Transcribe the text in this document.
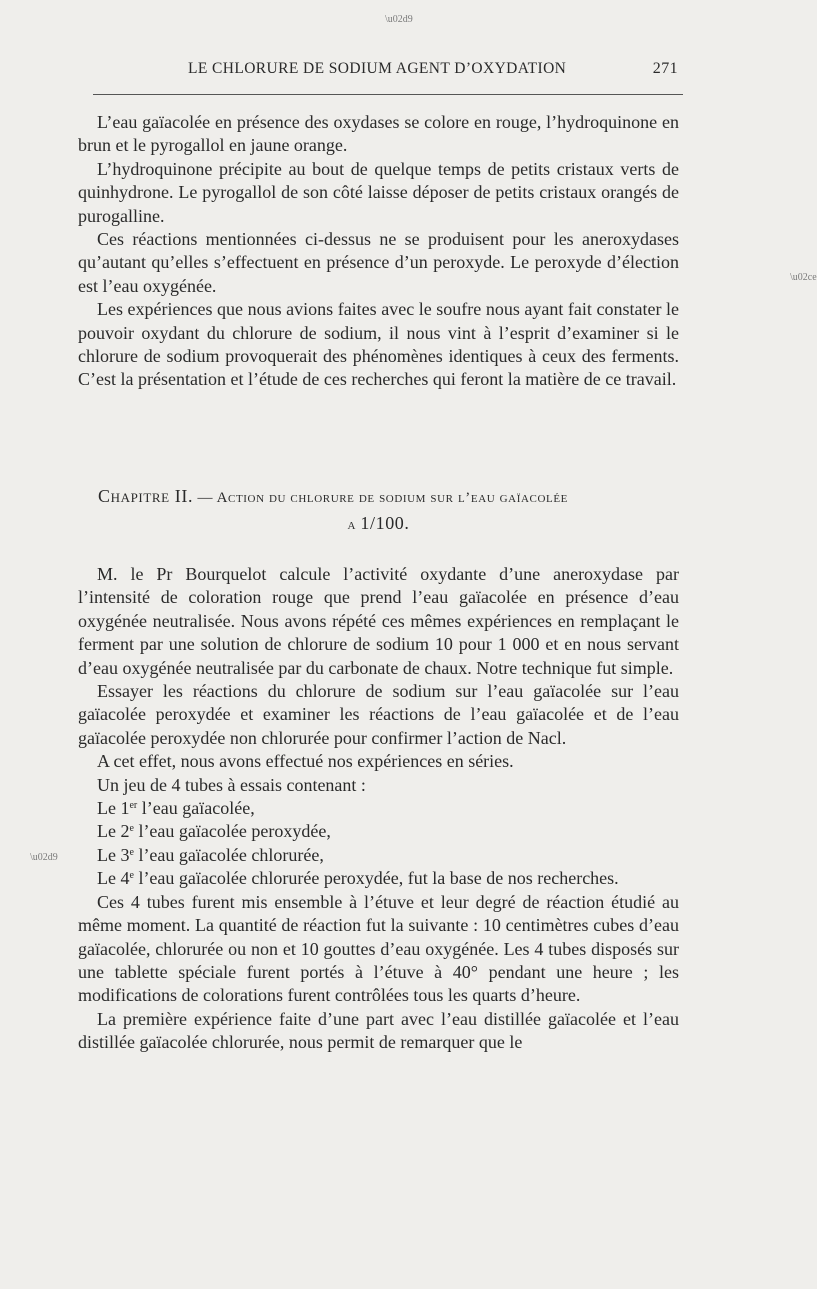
\u02d9
\u02ce
\u02d9
LE CHLORURE DE SODIUM AGENT D’OXYDATION	271

L’eau gaïacolée en présence des oxydases se colore en rouge, l’hydroquinone en brun et le pyrogallol en jaune orange.

L’hydroquinone précipite au bout de quelque temps de petits cristaux verts de quinhydrone. Le pyrogallol de son côté laisse déposer de petits cristaux orangés de purogalline.

Ces réactions mentionnées ci-dessus ne se produisent pour les aneroxydases qu’autant qu’elles s’effectuent en présence d’un peroxyde. Le peroxyde d’élection est l’eau oxygénée.

Les expériences que nous avions faites avec le soufre nous ayant fait constater le pouvoir oxydant du chlorure de sodium, il nous vint à l’esprit d’examiner si le chlorure de sodium provoquerait des phénomènes identiques à ceux des ferments. C’est la présentation et l’étude de ces recherches qui feront la matière de ce travail.

Chapitre II. — Action du chlorure de sodium sur l’eau gaïacolée
a 1/100.

M. le Pr Bourquelot calcule l’activité oxydante d’une aneroxydase par l’intensité de coloration rouge que prend l’eau gaïacolée en présence d’eau oxygénée neutralisée. Nous avons répété ces mêmes expériences en remplaçant le ferment par une solution de chlorure de sodium 10 pour 1 000 et en nous servant d’eau oxygénée neutralisée par du carbonate de chaux. Notre technique fut simple.

Essayer les réactions du chlorure de sodium sur l’eau gaïacolée sur l’eau gaïacolée peroxydée et examiner les réactions de l’eau gaïacolée et de l’eau gaïacolée peroxydée non chlorurée pour confirmer l’action de Nacl.

A cet effet, nous avons effectué nos expériences en séries.

Un jeu de 4 tubes à essais contenant :

Le 1er l’eau gaïacolée,

Le 2e l’eau gaïacolée peroxydée,

Le 3e l’eau gaïacolée chlorurée,

Le 4e l’eau gaïacolée chlorurée peroxydée, fut la base de nos recherches.

Ces 4 tubes furent mis ensemble à l’étuve et leur degré de réaction étudié au même moment. La quantité de réaction fut la suivante : 10 centimètres cubes d’eau gaïacolée, chlorurée ou non et 10 gouttes d’eau oxygénée. Les 4 tubes disposés sur une tablette spéciale furent portés à l’étuve à 40° pendant une heure ; les modifications de colorations furent contrôlées tous les quarts d’heure.

La première expérience faite d’une part avec l’eau distillée gaïacolée et l’eau distillée gaïacolée chlorurée, nous permit de remarquer que le
